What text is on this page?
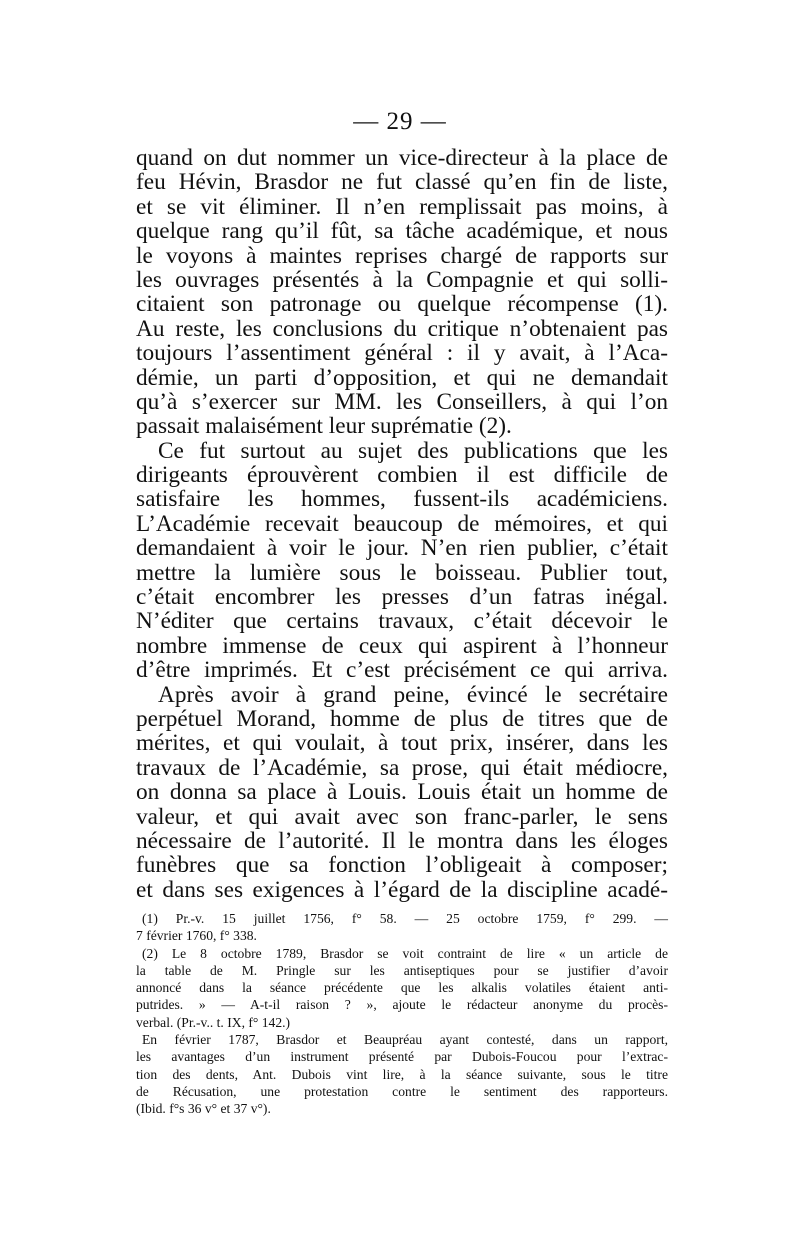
— 29 —
quand on dut nommer un vice-directeur à la place de
feu Hévin, Brasdor ne fut classé qu’en fin de liste,
et se vit éliminer. Il n’en remplissait pas moins, à
quelque rang qu’il fût, sa tâche académique, et nous
le voyons à maintes reprises chargé de rapports sur
les ouvrages présentés à la Compagnie et qui solli-
citaient son patronage ou quelque récompense (1).
Au reste, les conclusions du critique n’obtenaient pas
toujours l’assentiment général : il y avait, à l’Aca-
démie, un parti d’opposition, et qui ne demandait
qu’à s’exercer sur MM. les Conseillers, à qui l’on
passait malaisément leur suprématie (2).
Ce fut surtout au sujet des publications que les
dirigeants éprouvèrent combien il est difficile de
satisfaire les hommes, fussent-ils académiciens.
L’Académie recevait beaucoup de mémoires, et qui
demandaient à voir le jour. N’en rien publier, c’était
mettre la lumière sous le boisseau. Publier tout,
c’était encombrer les presses d’un fatras inégal.
N’éditer que certains travaux, c’était décevoir le
nombre immense de ceux qui aspirent à l’honneur
d’être imprimés. Et c’est précisément ce qui arriva.
Après avoir à grand peine, évincé le secrétaire
perpétuel Morand, homme de plus de titres que de
mérites, et qui voulait, à tout prix, insérer, dans les
travaux de l’Académie, sa prose, qui était médiocre,
on donna sa place à Louis. Louis était un homme de
valeur, et qui avait avec son franc-parler, le sens
nécessaire de l’autorité. Il le montra dans les éloges
funèbres que sa fonction l’obligeait à composer;
et dans ses exigences à l’égard de la discipline acadé-
(1) Pr.-v. 15 juillet 1756, f° 58. — 25 octobre 1759, f° 299. —
7 février 1760, f° 338.
(2) Le 8 octobre 1789, Brasdor se voit contraint de lire « un article de
la table de M. Pringle sur les antiseptiques pour se justifier d’avoir
annoncé dans la séance précédente que les alkalis volatiles étaient anti-
putrides. » — A-t-il raison ? », ajoute le rédacteur anonyme du procès-
verbal. (Pr.-v.. t. IX, f° 142.)
En février 1787, Brasdor et Beaupréau ayant contesté, dans un rapport,
les avantages d’un instrument présenté par Dubois-Foucou pour l’extrac-
tion des dents, Ant. Dubois vint lire, à la séance suivante, sous le titre
de Récusation, une protestation contre le sentiment des rapporteurs.
(Ibid. f°s 36 v° et 37 v°).
